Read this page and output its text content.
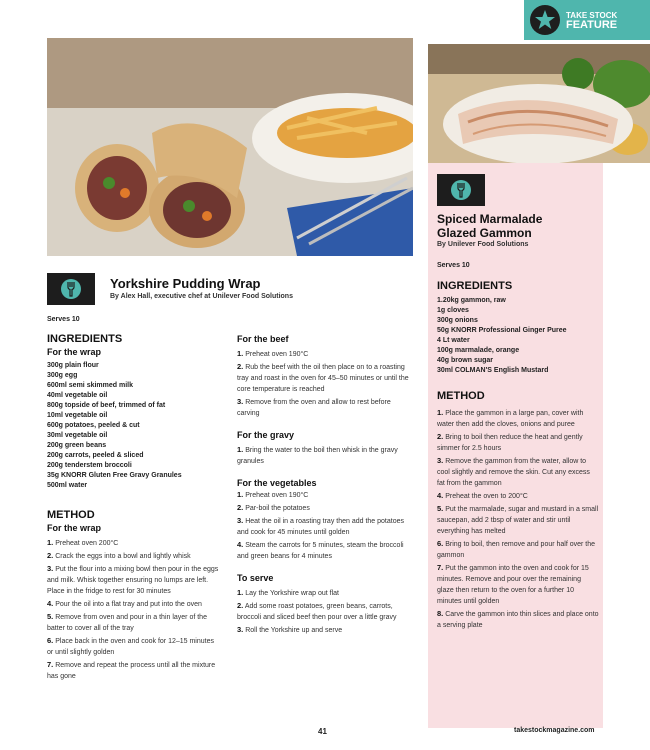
TAKE STOCK
FEATURE
Yorkshire Pudding Wrap
By Alex Hall, executive chef at Unilever Food Solutions
Serves 10
INGREDIENTS
For the wrap
300g plain flour
300g egg
600ml semi skimmed milk
40ml vegetable oil
800g topside of beef, trimmed of fat
10ml vegetable oil
600g potatoes, peeled & cut
30ml vegetable oil
200g green beans
200g carrots, peeled & sliced
200g tenderstem broccoli
35g KNORR Gluten Free Gravy Granules
500ml water
METHOD
For the wrap
1. Preheat oven 200°C
2. Crack the eggs into a bowl and lightly whisk
3. Put the flour into a mixing bowl then pour in the eggs and milk. Whisk together ensuring no lumps are left. Place in the fridge to rest for 30 minutes
4. Pour the oil into a flat tray and put into the oven
5. Remove from oven and pour in a thin layer of the batter to cover all of the tray
6. Place back in the oven and cook for 12–15 minutes or until slightly golden
7. Remove and repeat the process until all the mixture has gone
For the beef
1. Preheat oven 190°C
2. Rub the beef with the oil then place on to a roasting tray and roast in the oven for 45–50 minutes or until the core temperature is reached
3. Remove from the oven and allow to rest before carving
For the gravy
1. Bring the water to the boil then whisk in the gravy granules
For the vegetables
1. Preheat oven 190°C
2. Par-boil the potatoes
3. Heat the oil in a roasting tray then add the potatoes and cook for 45 minutes until golden
4. Steam the carrots for 5 minutes, steam the broccoli and green beans for 4 minutes
To serve
1. Lay the Yorkshire wrap out flat
2. Add some roast potatoes, green beans, carrots, broccoli and sliced beef then pour over a little gravy
3. Roll the Yorkshire up and serve
Spiced Marmalade
Glazed Gammon
By Unilever Food Solutions
Serves 10
INGREDIENTS
1.20kg gammon, raw
1g cloves
300g onions
50g KNORR Professional Ginger Puree
4 Lt water
100g marmalade, orange
40g brown sugar
30ml COLMAN'S English Mustard
METHOD
1. Place the gammon in a large pan, cover with water then add the cloves, onions and puree
2. Bring to boil then reduce the heat and gently simmer for 2.5 hours
3. Remove the gammon from the water, allow to cool slightly and remove the skin. Cut any excess fat from the gammon
4. Preheat the oven to 200°C
5. Put the marmalade, sugar and mustard in a small saucepan, add 2 tbsp of water and stir until everything has melted
6. Bring to boil, then remove and pour half over the gammon
7. Put the gammon into the oven and cook for 15 minutes. Remove and pour over the remaining glaze then return to the oven for a further 10 minutes until golden
8. Carve the gammon into thin slices and place onto a serving plate
41	takestockmagazine.com
